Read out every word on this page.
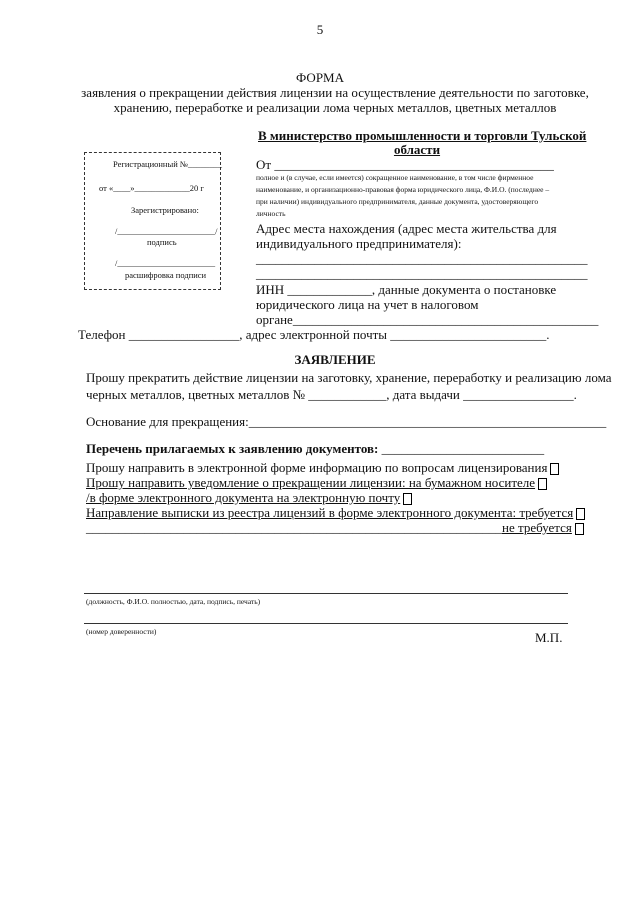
5
ФОРМА
заявления о прекращении действия лицензии на осуществление деятельности по заготовке,
хранению, переработке и реализации лома черных металлов, цветных металлов
В министерство промышленности и торговли Тульской
области
Регистрационный №________
от «____»_____________20 г
Зарегистрировано:
/_______________________/
подпись
/_______________________
расшифровка подписи
От ___________________________________________
полное и (в случае, если имеется) сокращенное наименование, в том числе фирменное
наименование, и организационно-правовая форма юридического лица, Ф.И.О. (последнее –
при наличии) индивидуального предпринимателя, данные документа, удостоверяющего
личность
Адрес места нахождения (адрес места жительства для
индивидуального предпринимателя):
___________________________________________________
___________________________________________________
ИНН _____________, данные документа о постановке
юридического лица на учет в налоговом
органе_______________________________________________
Телефон _________________, адрес электронной почты ________________________.
ЗАЯВЛЕНИЕ
Прошу прекратить действие лицензии на заготовку, хранение, переработку и реализацию лома
черных металлов, цветных металлов № ____________, дата выдачи _________________.
Основание для прекращения:_______________________________________________________
Перечень прилагаемых к заявлению документов: _________________________
Прошу направить в электронной форме информацию по вопросам лицензирования
Прошу направить уведомление о прекращении лицензии: на бумажном носителе
/в форме электронного документа на электронную почту
Направление выписки из реестра лицензий в форме электронного документа: требуется
________________________________________________________________не требуется
(должность, Ф.И.О. полностью, дата, подпись, печать)
(номер доверенности)	М.П.
